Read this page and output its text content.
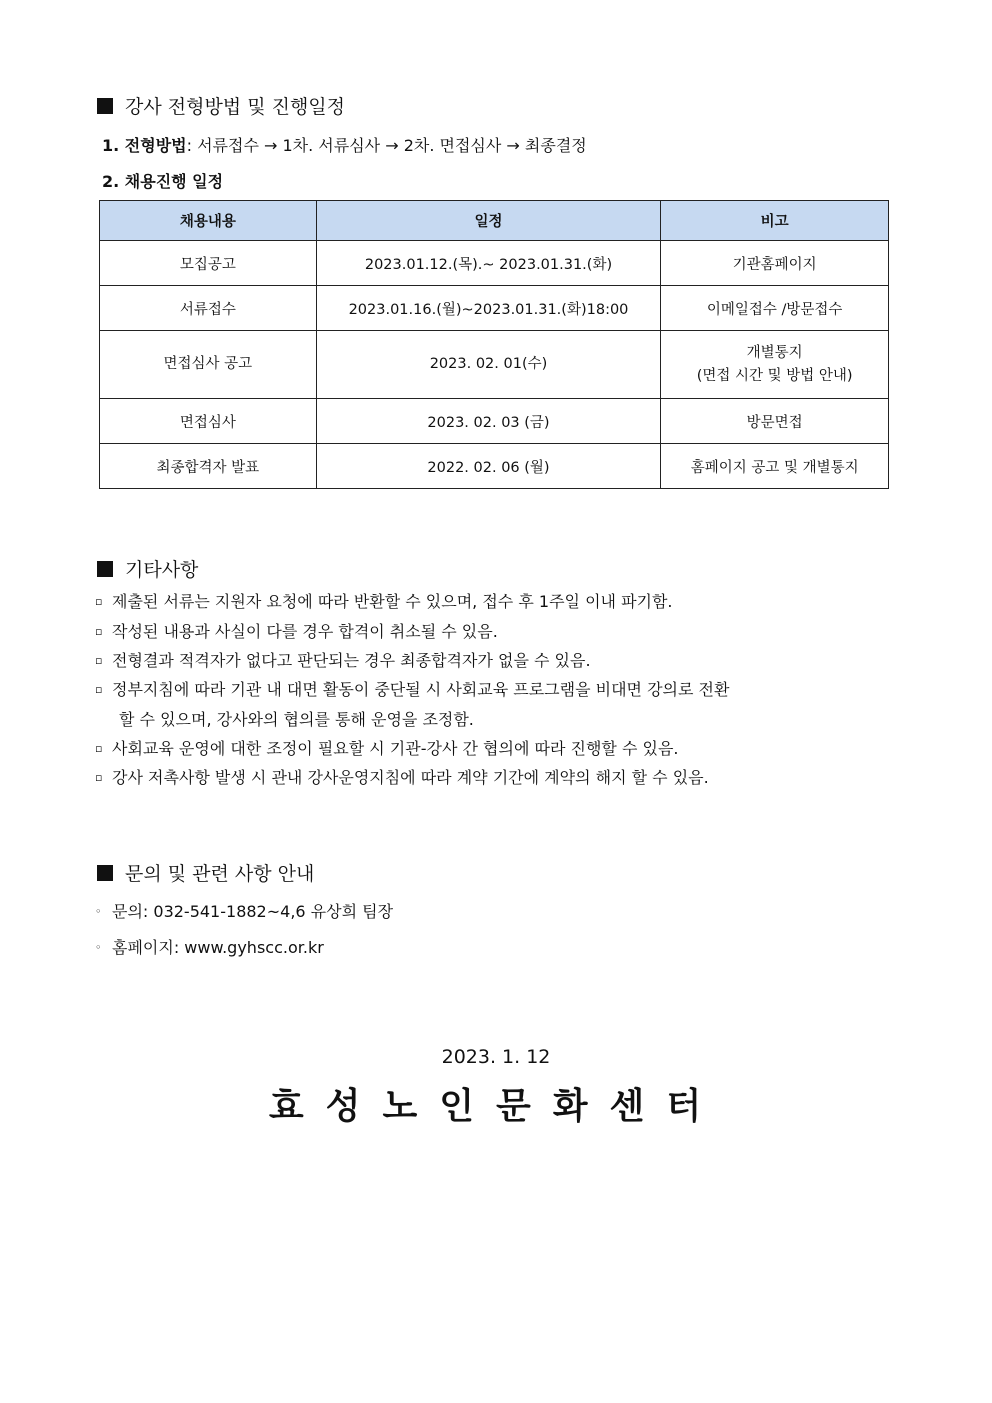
강사 전형방법 및 진행일정
1. 전형방법: 서류접수 → 1차. 서류심사 → 2차. 면접심사 → 최종결정
2. 채용진행 일정
채용내용	일정	비고
모집공고	2023.01.12.(목).~ 2023.01.31.(화)	기관홈페이지
서류접수	2023.01.16.(월)~2023.01.31.(화)18:00	이메일접수 /방문접수
면접심사 공고	2023. 02. 01(수)	개별통지
(면접 시간 및 방법 안내)

면접심사	2023. 02. 03 (금)	방문면접
최종합격자 발표	2022. 02. 06 (월)	홈페이지 공고 및 개별통지
기타사항
▫ 제출된 서류는 지원자 요청에 따라 반환할 수 있으며, 접수 후 1주일 이내 파기함.
▫ 작성된 내용과 사실이 다를 경우 합격이 취소될 수 있음.
▫ 전형결과 적격자가 없다고 판단되는 경우 최종합격자가 없을 수 있음.
▫ 정부지침에 따라 기관 내 대면 활동이 중단될 시 사회교육 프로그램을 비대면 강의로 전환
할 수 있으며, 강사와의 협의를 통해 운영을 조정함.
▫ 사회교육 운영에 대한 조정이 필요할 시 기관-강사 간 협의에 따라 진행할 수 있음.
▫ 강사 저촉사항 발생 시 관내 강사운영지침에 따라 계약 기간에 계약의 해지 할 수 있음.
문의 및 관련 사항 안내
◦ 문의: 032-541-1882~4,6 유상희 팀장
◦ 홈페이지: www.gyhscc.or.kr
2023. 1. 12
효성노인문화센터
